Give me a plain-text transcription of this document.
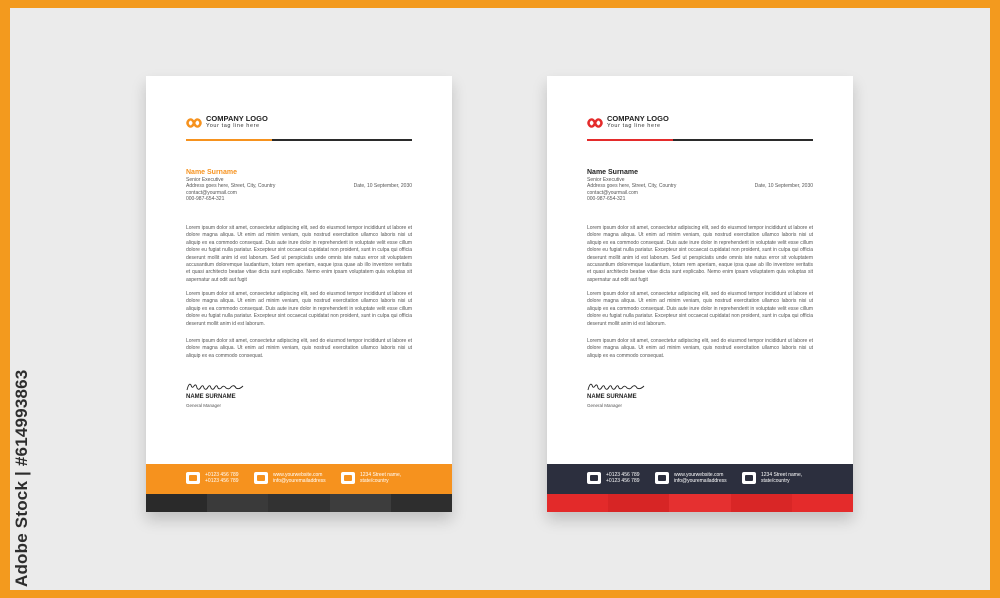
Adobe Stock | #614993863
COMPANY LOGO
Your tag line here
Name Surname
Senior Executive
Address goes here, Street, City, Country
contact@yourmail.com
000-987-654-321
Date, 10 September, 2030

Lorem ipsum dolor sit amet, consectetur adipiscing elit, sed do eiusmod tempor incididunt ut labore et dolore magna aliqua. Ut enim ad minim veniam, quis nostrud exercitation ullamco laboris nisi ut aliquip ex ea commodo consequat. Duis aute irure dolor in reprehenderit in voluptate velit esse cillum dolore eu fugiat nulla pariatur. Excepteur sint occaecat cupidatat non proident, sunt in culpa qui officia deserunt mollit anim id est laborum. Sed ut perspiciatis unde omnis iste natus error sit voluptatem accusantium doloremque laudantium, totam rem aperiam, eaque ipsa quae ab illo inventore veritatis et quasi architecto beatae vitae dicta sunt explicabo. Nemo enim ipsam voluptatem quia voluptas sit aspernatur aut odit aut fugit

Lorem ipsum dolor sit amet, consectetur adipiscing elit, sed do eiusmod tempor incididunt ut labore et dolore magna aliqua. Ut enim ad minim veniam, quis nostrud exercitation ullamco laboris nisi ut aliquip ex ea commodo consequat. Duis aute irure dolor in reprehenderit in voluptate velit esse cillum dolore eu fugiat nulla pariatur. Excepteur sint occaecat cupidatat non proident, sunt in culpa qui officia deserunt mollit anim id est laborum.

Lorem ipsum dolor sit amet, consectetur adipiscing elit, sed do eiusmod tempor incididunt ut labore et dolore magna aliqua. Ut enim ad minim veniam, quis nostrud exercitation ullamco laboris nisi ut aliquip ex ea commodo consequat.

NAME SURNAME
General Manager
+0123 456 789
+0123 456 789
www.yourwebsite.com
info@youremailaddress
1234 Street name,
state/country
COMPANY LOGO
Your tag line here
Name Surname
Senior Executive
Address goes here, Street, City, Country
contact@yourmail.com
000-987-654-321
Date, 10 September, 2030

Lorem ipsum dolor sit amet, consectetur adipiscing elit, sed do eiusmod tempor incididunt ut labore et dolore magna aliqua. Ut enim ad minim veniam, quis nostrud exercitation ullamco laboris nisi ut aliquip ex ea commodo consequat. Duis aute irure dolor in reprehenderit in voluptate velit esse cillum dolore eu fugiat nulla pariatur. Excepteur sint occaecat cupidatat non proident, sunt in culpa qui officia deserunt mollit anim id est laborum. Sed ut perspiciatis unde omnis iste natus error sit voluptatem accusantium doloremque laudantium, totam rem aperiam, eaque ipsa quae ab illo inventore veritatis et quasi architecto beatae vitae dicta sunt explicabo. Nemo enim ipsam voluptatem quia voluptas sit aspernatur aut odit aut fugit

Lorem ipsum dolor sit amet, consectetur adipiscing elit, sed do eiusmod tempor incididunt ut labore et dolore magna aliqua. Ut enim ad minim veniam, quis nostrud exercitation ullamco laboris nisi ut aliquip ex ea commodo consequat. Duis aute irure dolor in reprehenderit in voluptate velit esse cillum dolore eu fugiat nulla pariatur. Excepteur sint occaecat cupidatat non proident, sunt in culpa qui officia deserunt mollit anim id est laborum.

Lorem ipsum dolor sit amet, consectetur adipiscing elit, sed do eiusmod tempor incididunt ut labore et dolore magna aliqua. Ut enim ad minim veniam, quis nostrud exercitation ullamco laboris nisi ut aliquip ex ea commodo consequat.

NAME SURNAME
General Manager
+0123 456 789
+0123 456 789
www.yourwebsite.com
info@youremailaddress
1234 Street name,
state/country
